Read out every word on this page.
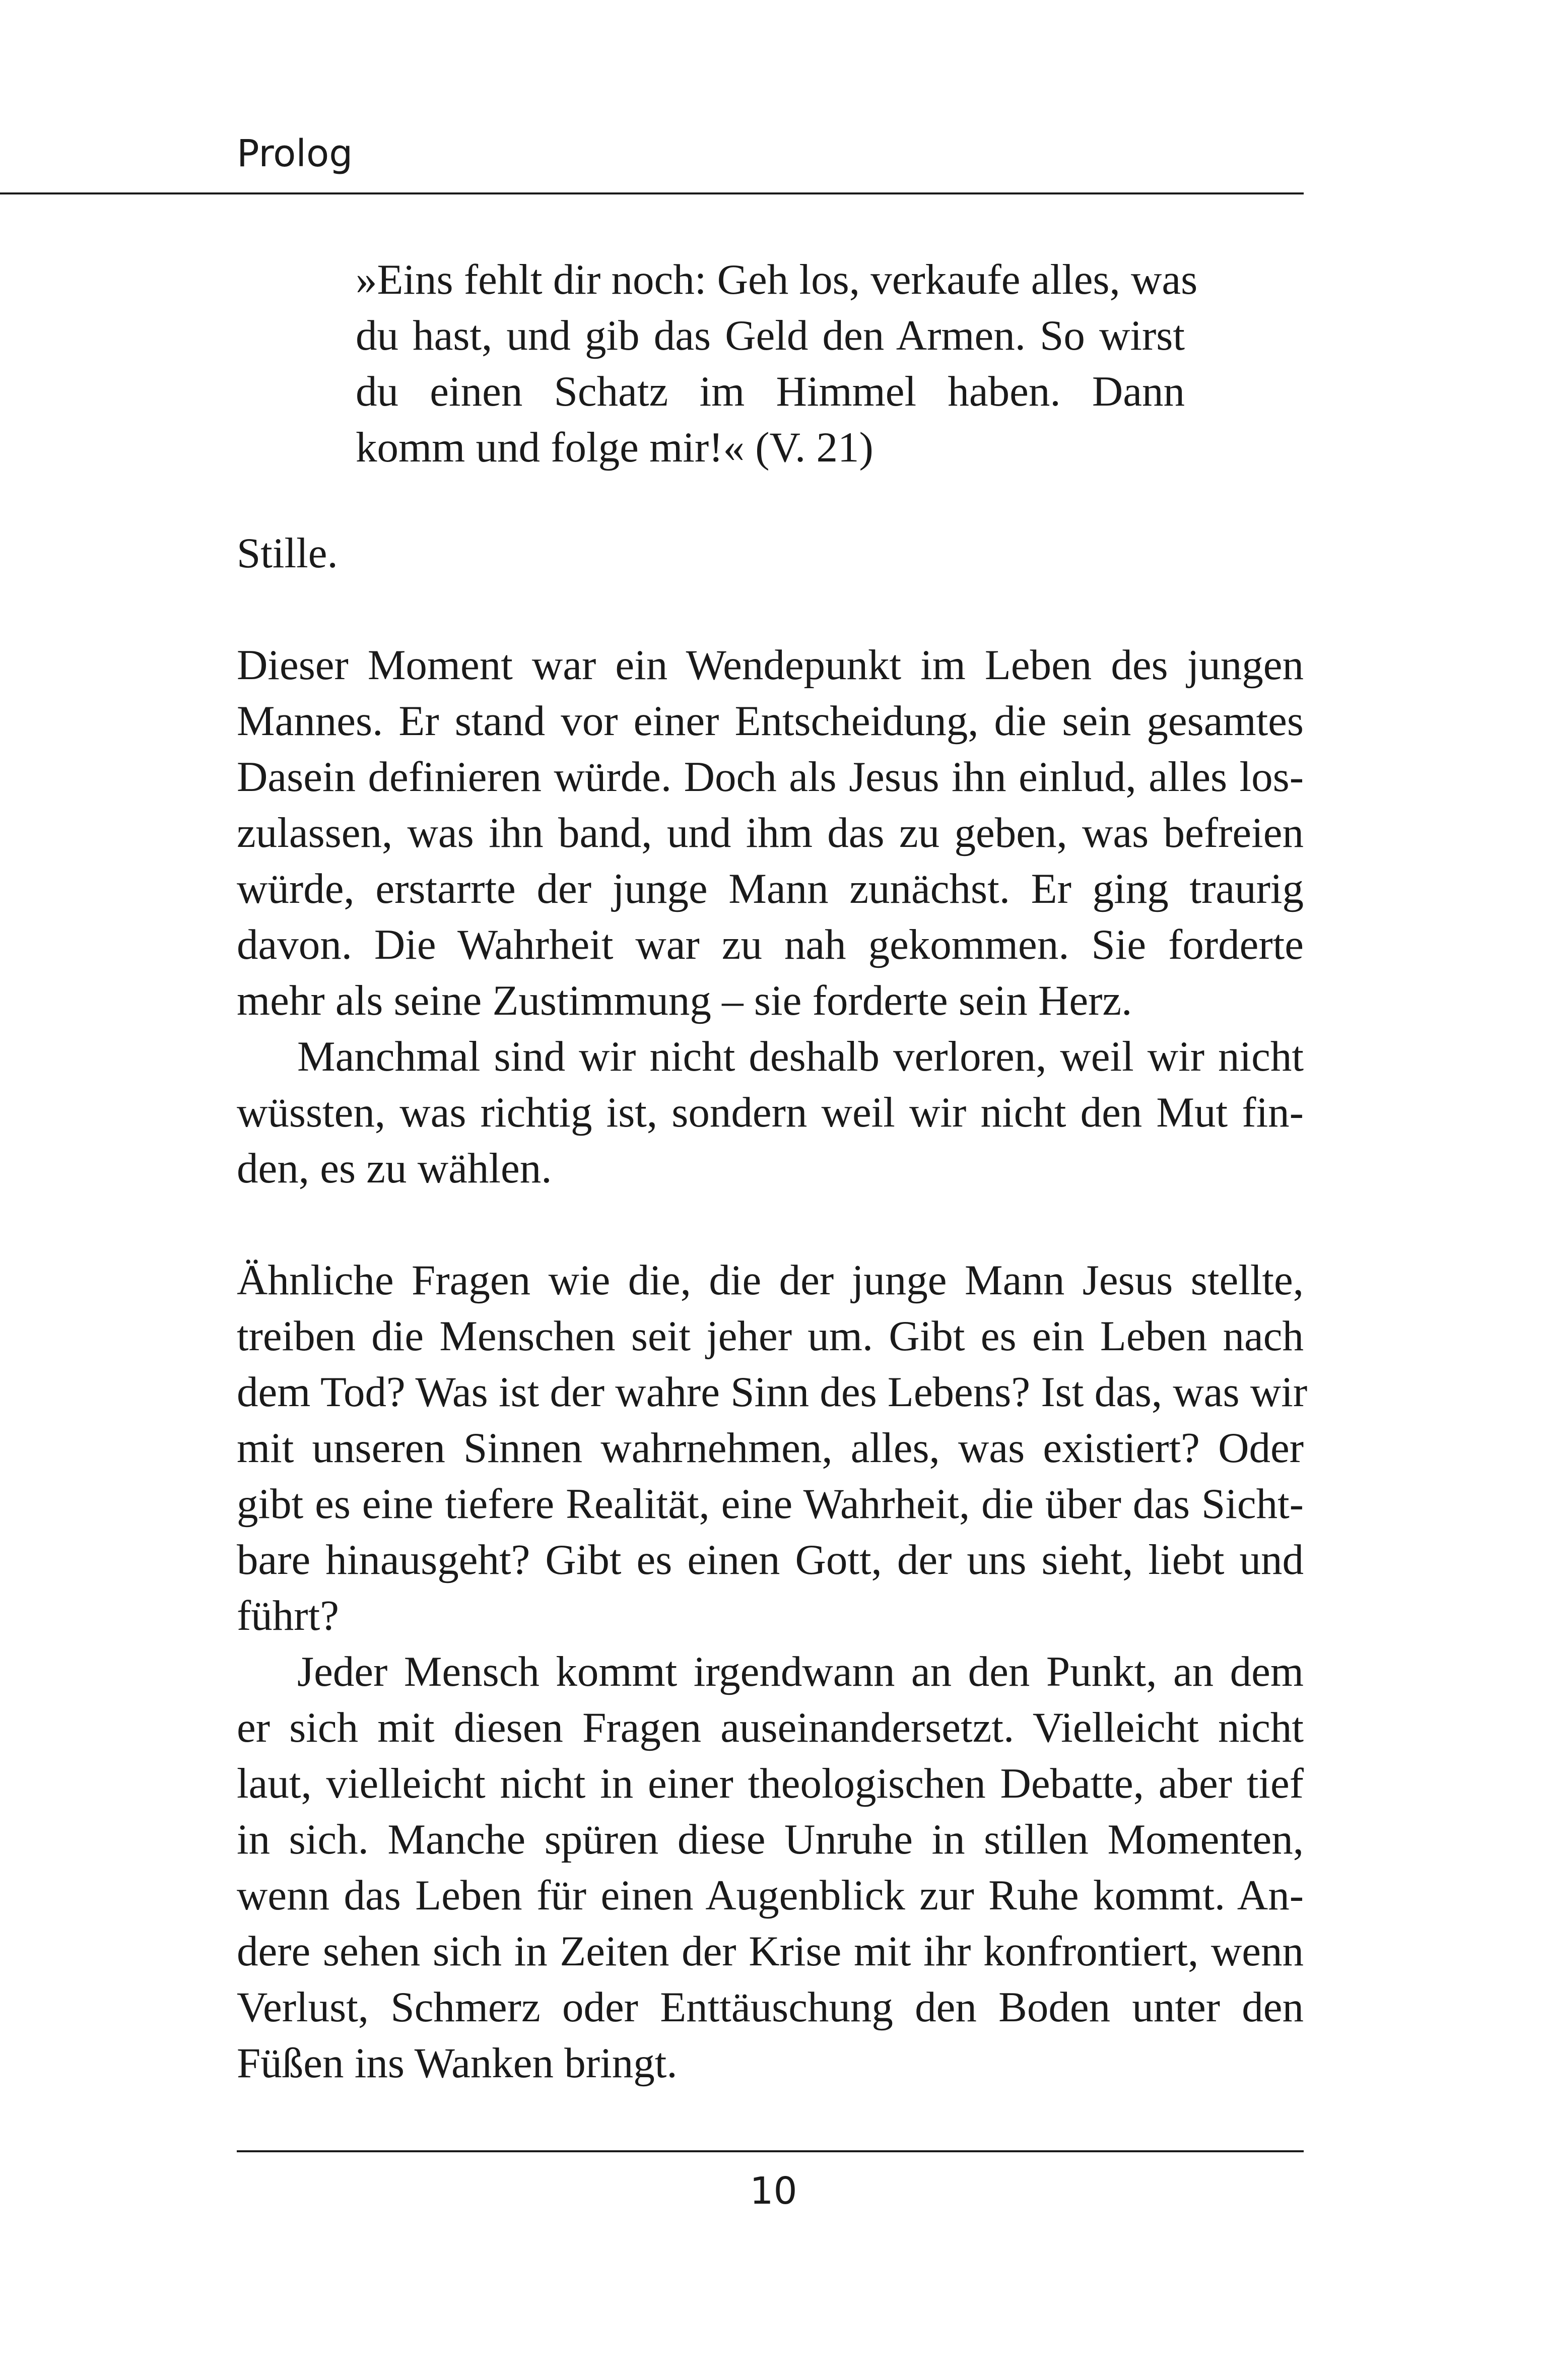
Prolog
»Eins fehlt dir noch: Geh los, verkaufe alles, was
du hast, und gib das Geld den Armen. So wirst
du einen Schatz im Himmel haben. Dann
komm und folge mir!« (V. 21)

Stille.

Dieser Moment war ein Wendepunkt im Leben des jungen
Mannes. Er stand vor einer Entscheidung, die sein gesamtes
Dasein definieren würde. Doch als Jesus ihn einlud, alles los-
zulassen, was ihn band, und ihm das zu geben, was befreien
würde, erstarrte der junge Mann zunächst. Er ging traurig
davon. Die Wahrheit war zu nah gekommen. Sie forderte
mehr als seine Zustimmung – sie forderte sein Herz.

Manchmal sind wir nicht deshalb verloren, weil wir nicht
wüssten, was richtig ist, sondern weil wir nicht den Mut fin-
den, es zu wählen.

Ähnliche Fragen wie die, die der junge Mann Jesus stellte,
treiben die Menschen seit jeher um. Gibt es ein Leben nach
dem Tod? Was ist der wahre Sinn des Lebens? Ist das, was wir
mit unseren Sinnen wahrnehmen, alles, was existiert? Oder
gibt es eine tiefere Realität, eine Wahrheit, die über das Sicht-
bare hinausgeht? Gibt es einen Gott, der uns sieht, liebt und
führt?

Jeder Mensch kommt irgendwann an den Punkt, an dem
er sich mit diesen Fragen auseinandersetzt. Vielleicht nicht
laut, vielleicht nicht in einer theologischen Debatte, aber tief
in sich. Manche spüren diese Unruhe in stillen Momenten,
wenn das Leben für einen Augenblick zur Ruhe kommt. An-
dere sehen sich in Zeiten der Krise mit ihr konfrontiert, wenn
Verlust, Schmerz oder Enttäuschung den Boden unter den
Füßen ins Wanken bringt.

10
